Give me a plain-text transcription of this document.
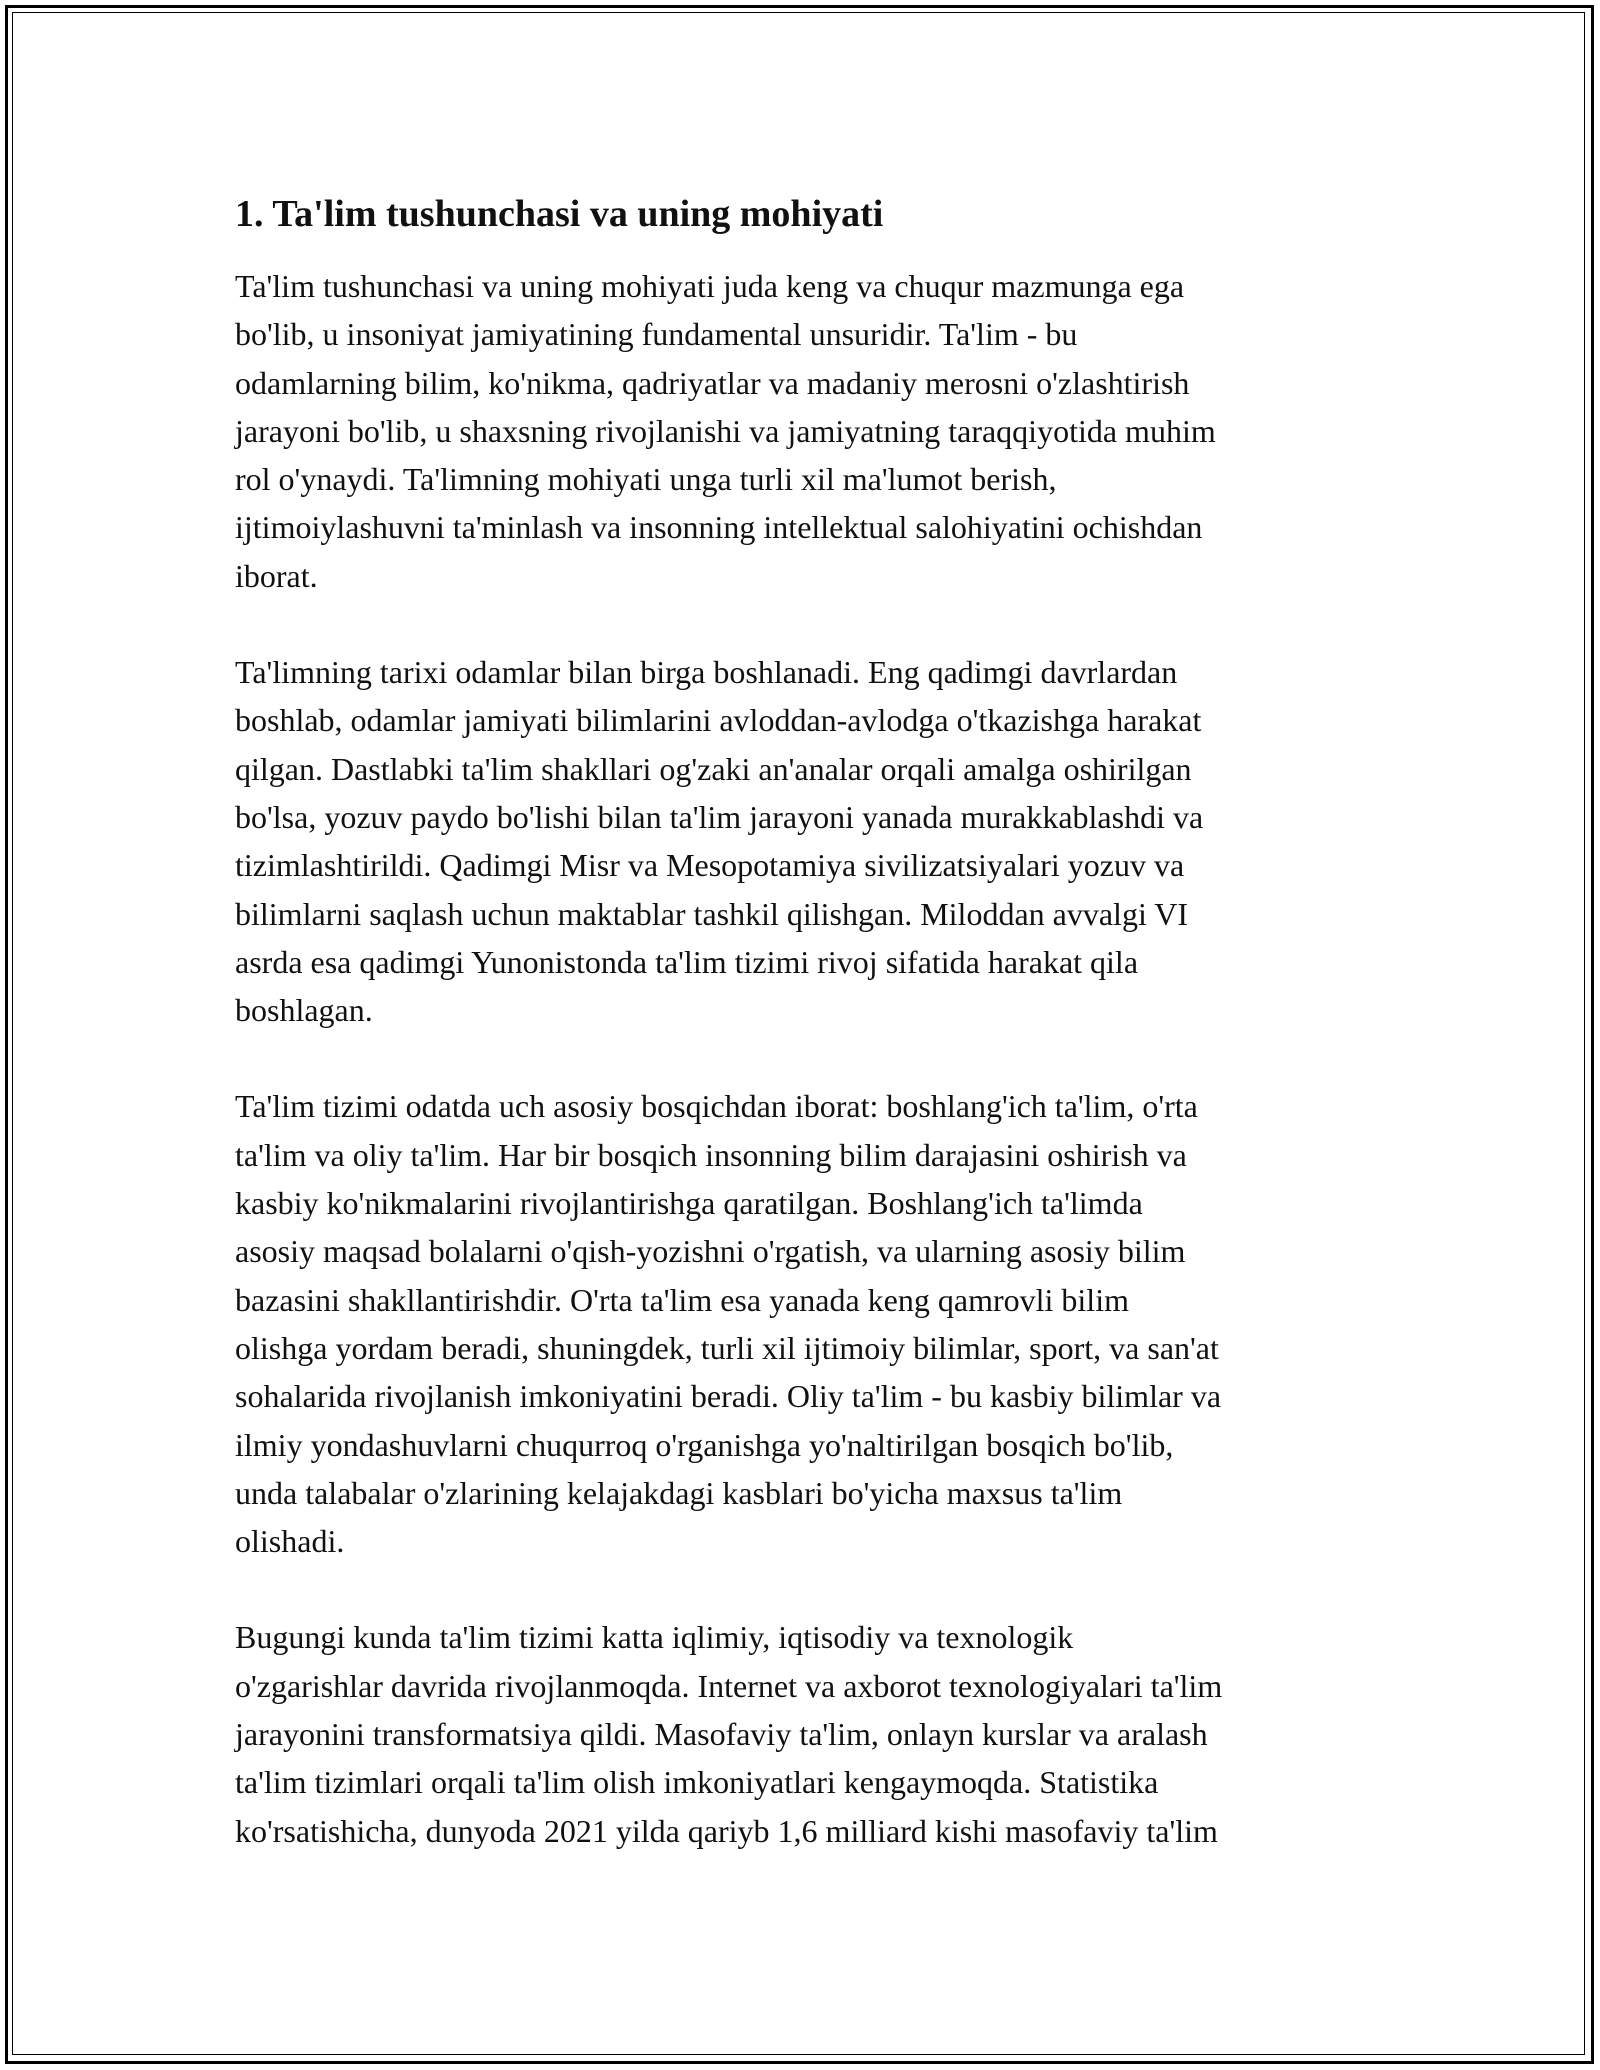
1. Ta'lim tushunchasi va uning mohiyati
Ta'lim tushunchasi va uning mohiyati juda keng va chuqur mazmunga ega
bo'lib, u insoniyat jamiyatining fundamental unsuridir. Ta'lim - bu
odamlarning bilim, ko'nikma, qadriyatlar va madaniy merosni o'zlashtirish
jarayoni bo'lib, u shaxsning rivojlanishi va jamiyatning taraqqiyotida muhim
rol o'ynaydi. Ta'limning mohiyati unga turli xil ma'lumot berish,
ijtimoiylashuvni ta'minlash va insonning intellektual salohiyatini ochishdan
iborat.
Ta'limning tarixi odamlar bilan birga boshlanadi. Eng qadimgi davrlardan
boshlab, odamlar jamiyati bilimlarini avloddan-avlodga o'tkazishga harakat
qilgan. Dastlabki ta'lim shakllari og'zaki an'analar orqali amalga oshirilgan
bo'lsa, yozuv paydo bo'lishi bilan ta'lim jarayoni yanada murakkablashdi va
tizimlashtirildi. Qadimgi Misr va Mesopotamiya sivilizatsiyalari yozuv va
bilimlarni saqlash uchun maktablar tashkil qilishgan. Miloddan avvalgi VI
asrda esa qadimgi Yunonistonda ta'lim tizimi rivoj sifatida harakat qila
boshlagan.
Ta'lim tizimi odatda uch asosiy bosqichdan iborat: boshlang'ich ta'lim, o'rta
ta'lim va oliy ta'lim. Har bir bosqich insonning bilim darajasini oshirish va
kasbiy ko'nikmalarini rivojlantirishga qaratilgan. Boshlang'ich ta'limda
asosiy maqsad bolalarni o'qish-yozishni o'rgatish, va ularning asosiy bilim
bazasini shakllantirishdir. O'rta ta'lim esa yanada keng qamrovli bilim
olishga yordam beradi, shuningdek, turli xil ijtimoiy bilimlar, sport, va san'at
sohalarida rivojlanish imkoniyatini beradi. Oliy ta'lim - bu kasbiy bilimlar va
ilmiy yondashuvlarni chuqurroq o'rganishga yo'naltirilgan bosqich bo'lib,
unda talabalar o'zlarining kelajakdagi kasblari bo'yicha maxsus ta'lim
olishadi.
Bugungi kunda ta'lim tizimi katta iqlimiy, iqtisodiy va texnologik
o'zgarishlar davrida rivojlanmoqda. Internet va axborot texnologiyalari ta'lim
jarayonini transformatsiya qildi. Masofaviy ta'lim, onlayn kurslar va aralash
ta'lim tizimlari orqali ta'lim olish imkoniyatlari kengaymoqda. Statistika
ko'rsatishicha, dunyoda 2021 yilda qariyb 1,6 milliard kishi masofaviy ta'lim
